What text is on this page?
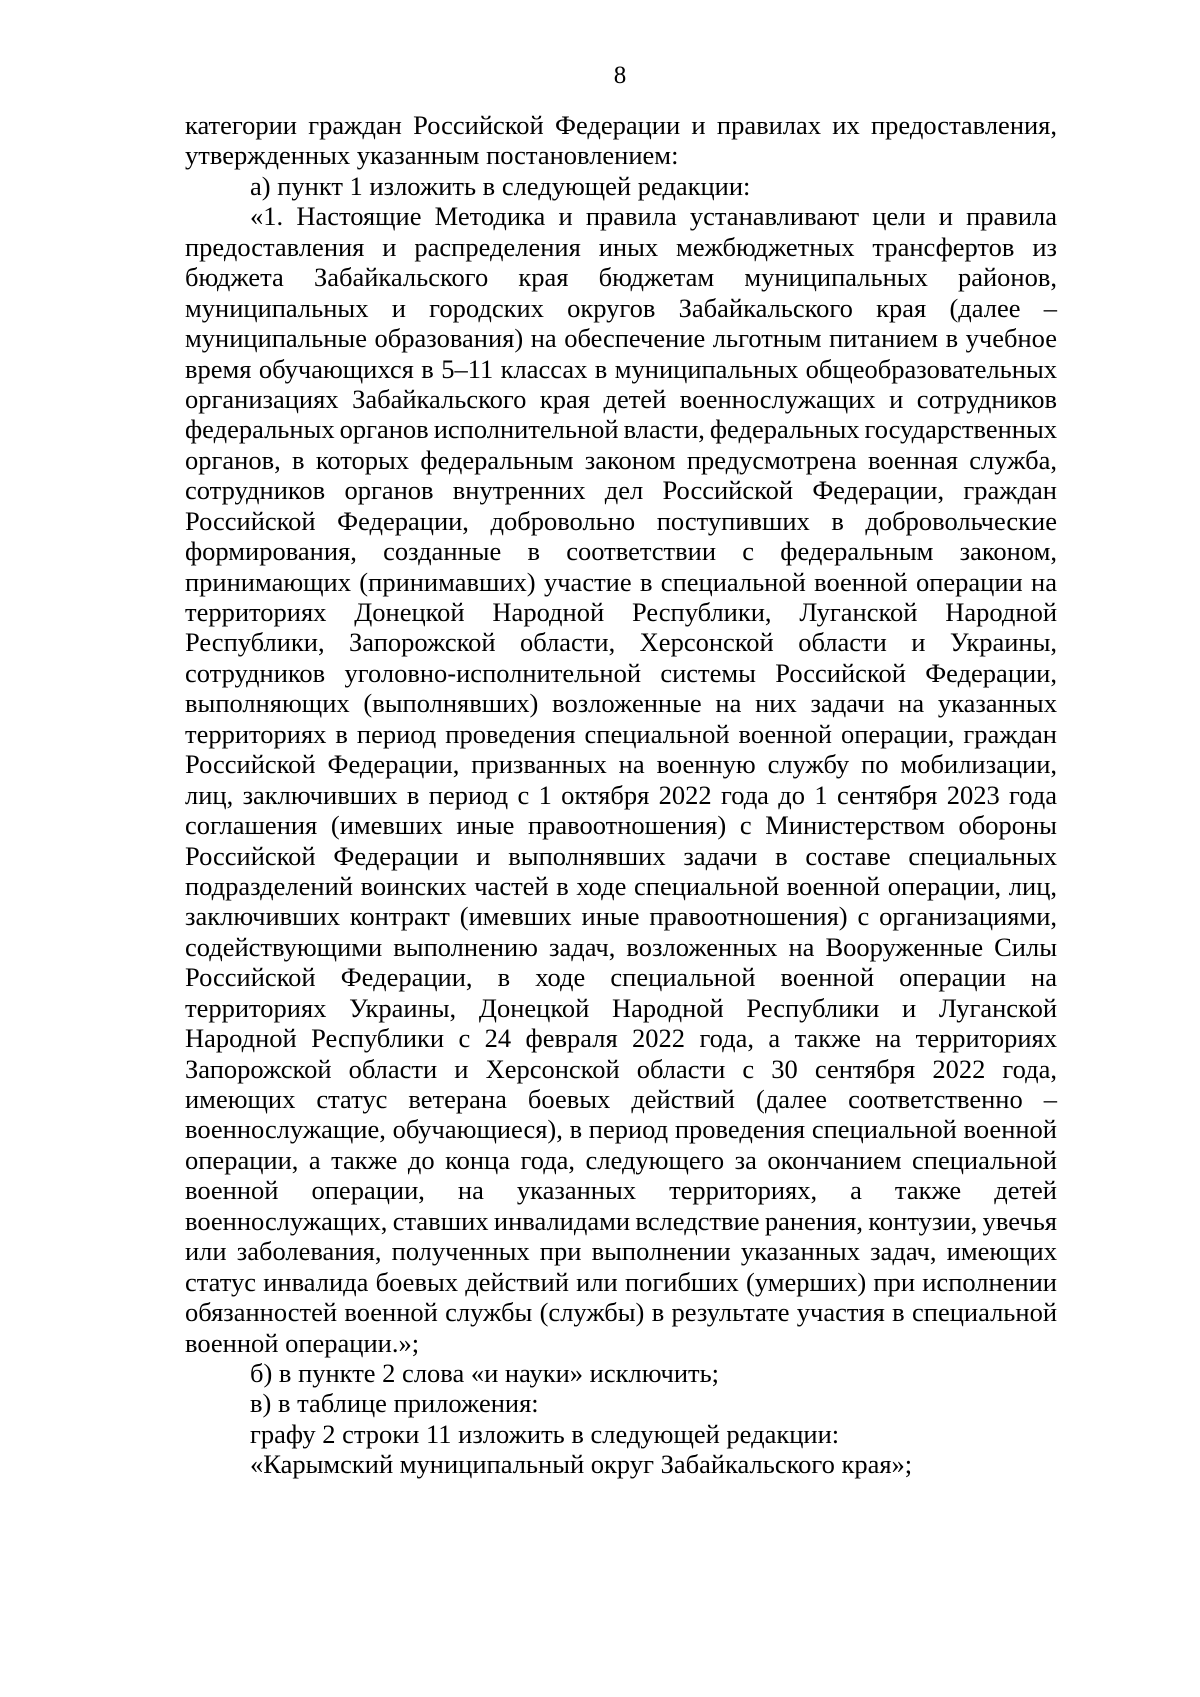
8
категории граждан Российской Федерации и правилах их предоставления,
утвержденных указанным постановлением:
а) пункт 1 изложить в следующей редакции:
«1. Настоящие Методика и правила устанавливают цели и правила
предоставления и распределения иных межбюджетных трансфертов из
бюджета Забайкальского края бюджетам муниципальных районов,
муниципальных и городских округов Забайкальского края (далее –
муниципальные образования) на обеспечение льготным питанием в учебное
время обучающихся в 5–11 классах в муниципальных общеобразовательных
организациях Забайкальского края детей военнослужащих и сотрудников
федеральных органов исполнительной власти, федеральных государственных
органов, в которых федеральным законом предусмотрена военная служба,
сотрудников органов внутренних дел Российской Федерации, граждан
Российской Федерации, добровольно поступивших в добровольческие
формирования, созданные в соответствии с федеральным законом,
принимающих (принимавших) участие в специальной военной операции на
территориях Донецкой Народной Республики, Луганской Народной
Республики, Запорожской области, Херсонской области и Украины,
сотрудников уголовно-исполнительной системы Российской Федерации,
выполняющих (выполнявших) возложенные на них задачи на указанных
территориях в период проведения специальной военной операции, граждан
Российской Федерации, призванных на военную службу по мобилизации,
лиц, заключивших в период с 1 октября 2022 года до 1 сентября 2023 года
соглашения (имевших иные правоотношения) с Министерством обороны
Российской Федерации и выполнявших задачи в составе специальных
подразделений воинских частей в ходе специальной военной операции, лиц,
заключивших контракт (имевших иные правоотношения) с организациями,
содействующими выполнению задач, возложенных на Вооруженные Силы
Российской Федерации, в ходе специальной военной операции на
территориях Украины, Донецкой Народной Республики и Луганской
Народной Республики с 24 февраля 2022 года, а также на территориях
Запорожской области и Херсонской области с 30 сентября 2022 года,
имеющих статус ветерана боевых действий (далее соответственно –
военнослужащие, обучающиеся), в период проведения специальной военной
операции, а также до конца года, следующего за окончанием специальной
военной операции, на указанных территориях, а также детей
военнослужащих, ставших инвалидами вследствие ранения, контузии, увечья
или заболевания, полученных при выполнении указанных задач, имеющих
статус инвалида боевых действий или погибших (умерших) при исполнении
обязанностей военной службы (службы) в результате участия в специальной
военной операции.»;
б) в пункте 2 слова «и науки» исключить;
в) в таблице приложения:
графу 2 строки 11 изложить в следующей редакции:
«Карымский муниципальный округ Забайкальского края»;
